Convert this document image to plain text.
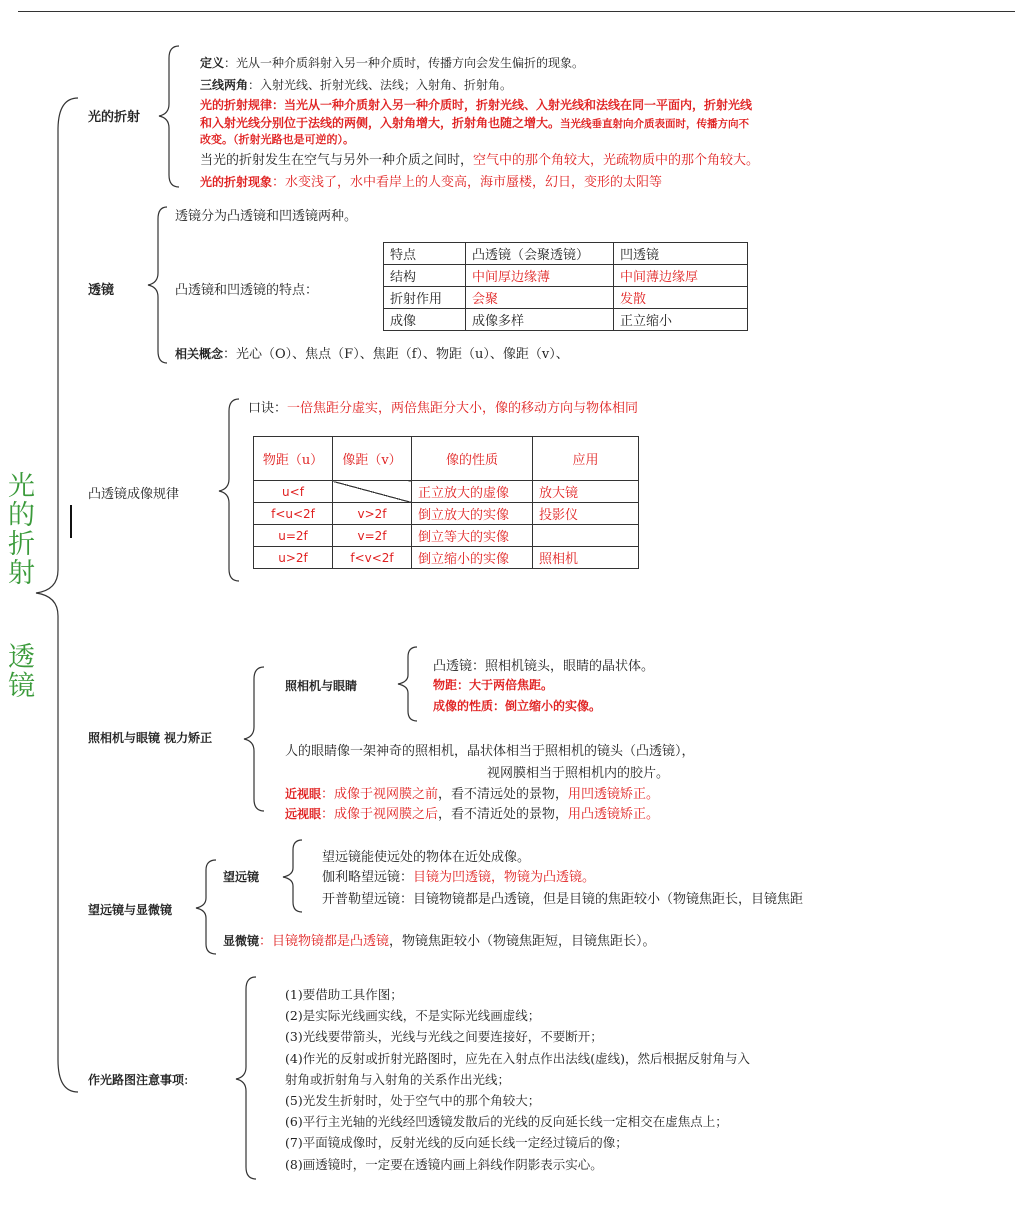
光的折射
透镜
光的折射
定义：光从一种介质斜射入另一种介质时，传播方向会发生偏折的现象。
三线两角：入射光线、折射光线、法线；入射角、折射角。
光的折射规律：当光从一种介质射入另一种介质时，折射光线、入射光线和法线在同一平面内，折射光线
和入射光线分别位于法线的两侧，入射角增大，折射角也随之增大。当光线垂直射向介质表面时，传播方向不
改变。（折射光路也是可逆的）。
当光的折射发生在空气与另外一种介质之间时，空气中的那个角较大，光疏物质中的那个角较大。
光的折射现象：水变浅了，水中看岸上的人变高，海市蜃楼，幻日，变形的太阳等
透镜
透镜分为凸透镜和凹透镜两种。
凸透镜和凹透镜的特点：
特点	凸透镜（会聚透镜）	凹透镜
结构	中间厚边缘薄	中间薄边缘厚
折射作用	会聚	发散
成像	成像多样	正立缩小
相关概念：光心（O）、焦点（F）、焦距（f）、物距（u）、像距（v）、
凸透镜成像规律
口诀：一倍焦距分虚实，两倍焦距分大小，像的移动方向与物体相同
物距（u）	像距（v）	像的性质	应用
u<f		正立放大的虚像	放大镜
f<u<2f	v>2f	倒立放大的实像	投影仪
u=2f	v=2f	倒立等大的实像	
u>2f	f<v<2f	倒立缩小的实像	照相机
照相机与眼镜 视力矫正
照相机与眼睛
凸透镜：照相机镜头，眼睛的晶状体。
物距：大于两倍焦距。
成像的性质：倒立缩小的实像。
人的眼睛像一架神奇的照相机，晶状体相当于照相机的镜头（凸透镜），
视网膜相当于照相机内的胶片。
近视眼：成像于视网膜之前，看不清远处的景物，用凹透镜矫正。
远视眼：成像于视网膜之后，看不清近处的景物，用凸透镜矫正。
望远镜与显微镜
望远镜
望远镜能使远处的物体在近处成像。
伽利略望远镜：目镜为凹透镜，物镜为凸透镜。
开普勒望远镜：目镜物镜都是凸透镜，但是目镜的焦距较小（物镜焦距长，目镜焦距
显微镜：目镜物镜都是凸透镜，物镜焦距较小（物镜焦距短，目镜焦距长）。
作光路图注意事项:
(1)要借助工具作图；
(2)是实际光线画实线，不是实际光线画虚线；
(3)光线要带箭头，光线与光线之间要连接好，不要断开；
(4)作光的反射或折射光路图时，应先在入射点作出法线(虚线)，然后根据反射角与入
射角或折射角与入射角的关系作出光线；
(5)光发生折射时，处于空气中的那个角较大；
(6)平行主光轴的光线经凹透镜发散后的光线的反向延长线一定相交在虚焦点上；
(7)平面镜成像时，反射光线的反向延长线一定经过镜后的像；
(8)画透镜时，一定要在透镜内画上斜线作阴影表示实心。
